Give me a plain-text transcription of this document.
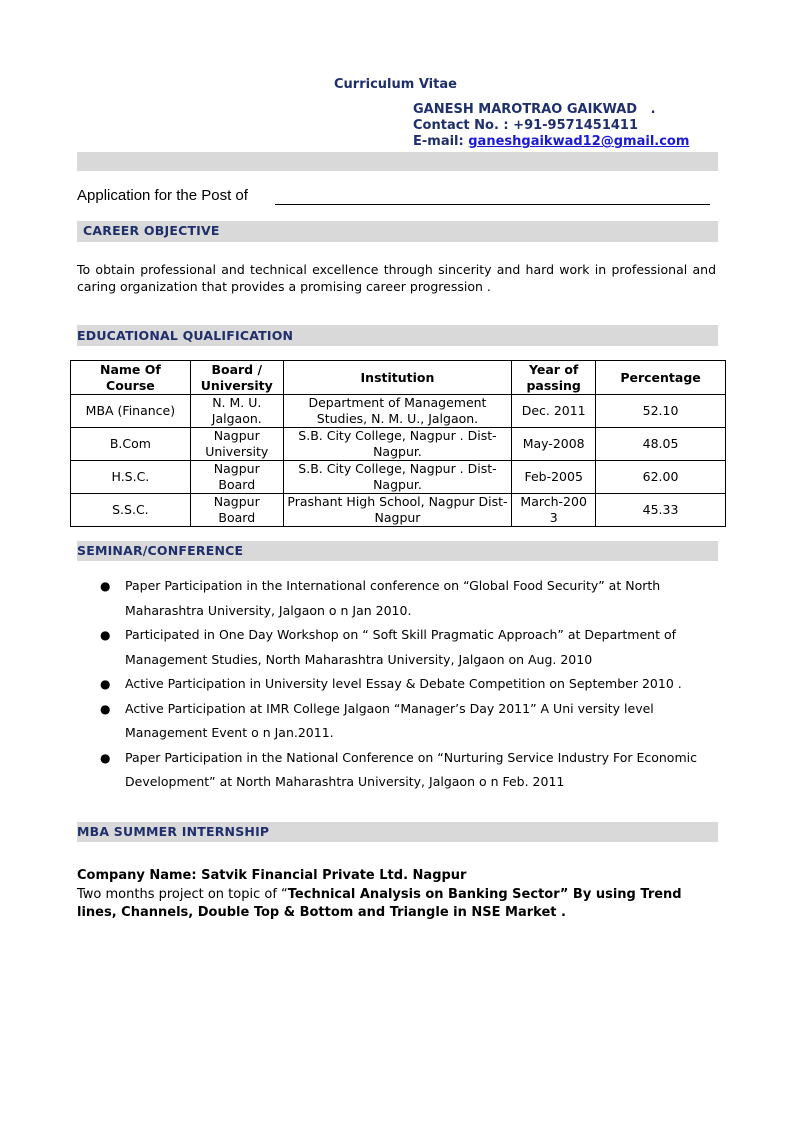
Curriculum Vitae
GANESH MAROTRAO GAIKWAD   .
Contact No. : +91-9571451411
E-mail: ganeshgaikwad12@gmail.com
Application for the Post of
CAREER OBJECTIVE
To obtain professional and technical excellence through sincerity and hard work in professional and caring organization that provides a promising career progression .
EDUCATIONAL QUALIFICATION
Name Of Course	Board / University	Institution	Year of passing	Percentage
MBA (Finance)	N. M. U. Jalgaon.	Department of Management Studies, N. M. U., Jalgaon.	Dec. 2011	52.10
B.Com	Nagpur University	S.B. City College, Nagpur . Dist-Nagpur.	May-2008	48.05
H.S.C.	Nagpur Board	S.B. City College, Nagpur . Dist-Nagpur.	Feb-2005	62.00
S.S.C.	Nagpur Board	Prashant High School, Nagpur Dist-Nagpur	March-200 3	45.33
SEMINAR/CONFERENCE
● Paper Participation in the International conference on “Global Food Security” at North Maharashtra University, Jalgaon o n Jan 2010.
● Participated in One Day Workshop on “ Soft Skill Pragmatic Approach” at Department of Management Studies, North Maharashtra University, Jalgaon on Aug. 2010
● Active Participation in University level Essay & Debate Competition on September 2010 .
● Active Participation at IMR College Jalgaon “Manager’s Day 2011” A Uni versity level Management Event o n Jan.2011.
● Paper Participation in the National Conference on “Nurturing Service Industry For Economic Development” at North Maharashtra University, Jalgaon o n Feb. 2011
MBA SUMMER INTERNSHIP
Company Name: Satvik Financial Private Ltd. Nagpur
Two months project on topic of “Technical Analysis on Banking Sector” By using Trend lines, Channels, Double Top & Bottom and Triangle in NSE Market .
